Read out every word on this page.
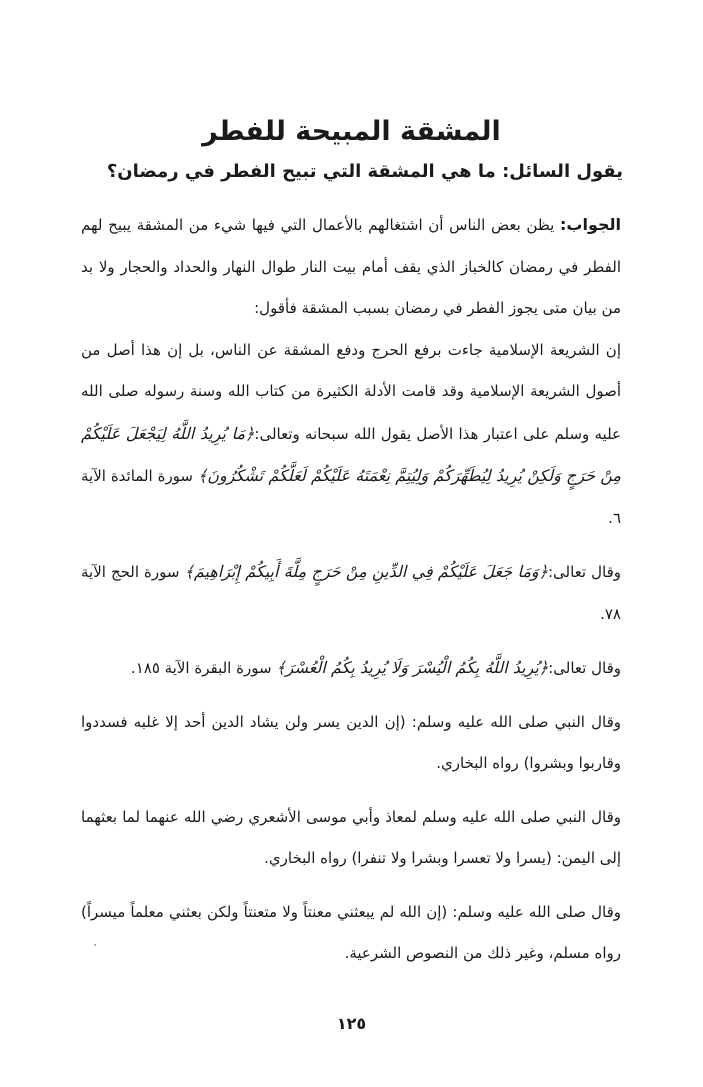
المشقة المبيحة للفطر
يقول السائل: ما هي المشقة التي تبيح الفطر في رمضان؟

الجواب: يظن بعض الناس أن اشتغالهم بالأعمال التي فيها شيء من المشقة يبيح لهم الفطر في رمضان كالخباز الذي يقف أمام بيت النار طوال النهار والحداد والحجار ولا بد من بيان متى يجوز الفطر في رمضان بسبب المشقة فأقول:

إن الشريعة الإسلامية جاءت برفع الحرج ودفع المشقة عن الناس، بل إن هذا أصل من أصول الشريعة الإسلامية وقد قامت الأدلة الكثيرة من كتاب الله وسنة رسوله صلى الله عليه وسلم على اعتبار هذا الأصل يقول الله سبحانه وتعالى:﴿مَا يُرِيدُ اللَّهُ لِيَجْعَلَ عَلَيْكُمْ مِنْ حَرَجٍ وَلَكِنْ يُرِيدُ لِيُطَهِّرَكُمْ وَلِيُتِمَّ نِعْمَتَهُ عَلَيْكُمْ لَعَلَّكُمْ تَشْكُرُونَ﴾ سورة المائدة الآية ٦.

وقال تعالى:﴿وَمَا جَعَلَ عَلَيْكُمْ فِي الدِّينِ مِنْ حَرَجٍ مِلَّةَ أَبِيكُمْ إِبْرَاهِيمَ﴾ سورة الحج الآية ٧٨.

وقال تعالى:﴿يُرِيدُ اللَّهُ بِكُمُ الْيُسْرَ وَلَا يُرِيدُ بِكُمُ الْعُسْرَ﴾ سورة البقرة الآية ١٨٥.

وقال النبي صلى الله عليه وسلم: (إن الدين يسر ولن يشاد الدين أحد إلا غلبه فسددوا وقاربوا وبشروا) رواه البخاري.

وقال النبي صلى الله عليه وسلم لمعاذ وأبي موسى الأشعري رضي الله عنهما لما بعثهما إلى اليمن: (يسرا ولا تعسرا وبشرا ولا تنفرا) رواه البخاري.

وقال صلى الله عليه وسلم: (إن الله لم يبعثني معنتاً ولا متعنتاً ولكن بعثني معلماً ميسراً) رواه مسلم، وغير ذلك من النصوص الشرعية.

١٢٥
